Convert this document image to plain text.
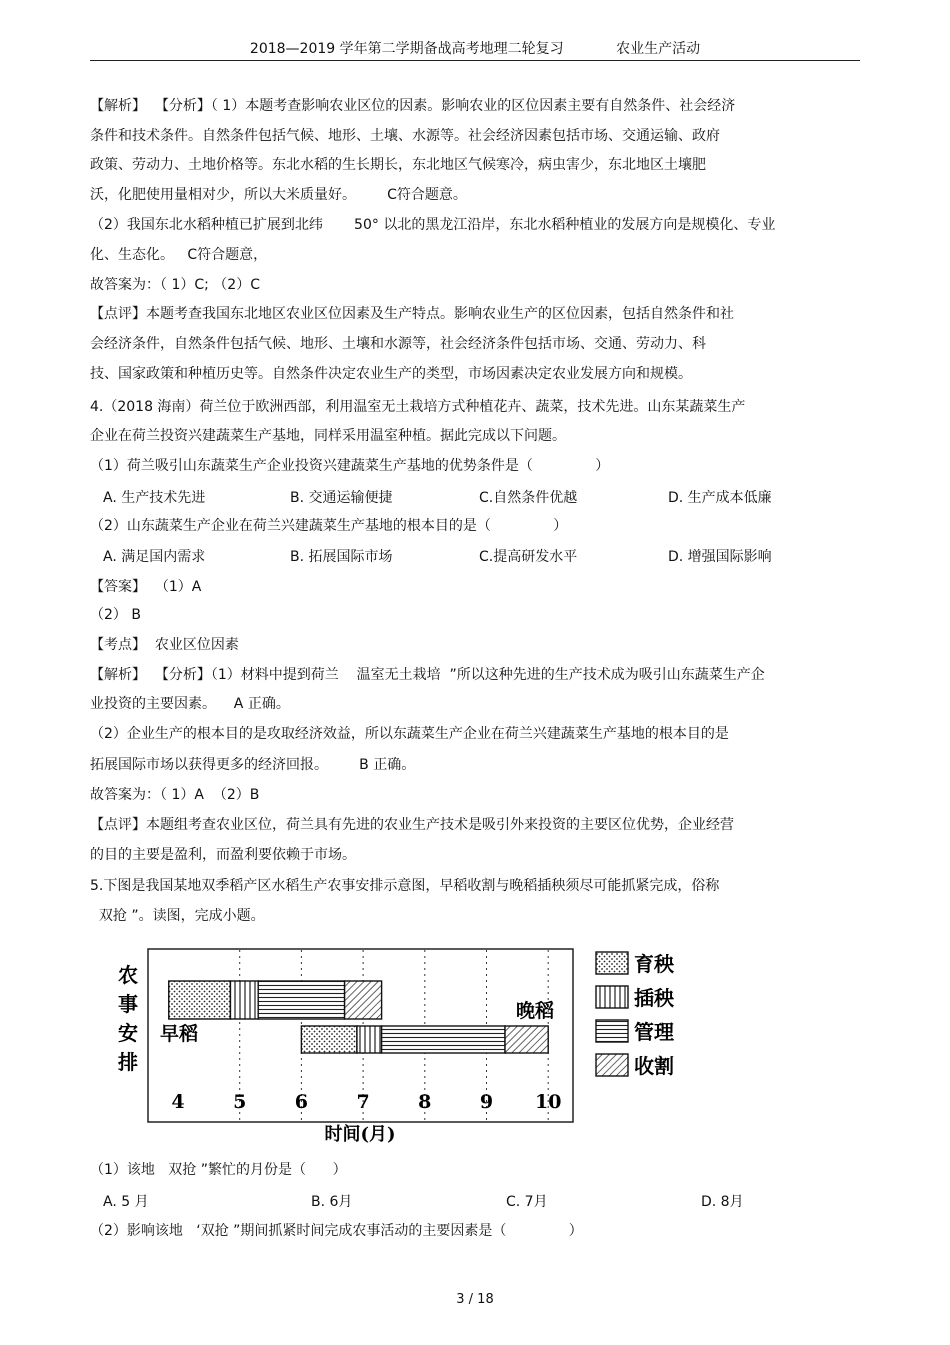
2018—2019 学年第二学期备战高考地理二轮复习	农业生产活动
【解析】  【分析】（ 1）本题考查影响农业区位的因素。影响农业的区位因素主要有自然条件、社会经济
条件和技术条件。自然条件包括气候、地形、土壤、水源等。社会经济因素包括市场、交通运输、政府
政策、劳动力、土地价格等。东北水稻的生长期长，东北地区气候寒冷，病虫害少，东北地区土壤肥
沃，化肥使用量相对少，所以大米质量好。       C符合题意。
（2）我国东北水稻种植已扩展到北纬       50° 以北的黑龙江沿岸，东北水稻种植业的发展方向是规模化、专业
化、生态化。   C符合题意，
故答案为：（ 1）C; （2）C
【点评】本题考查我国东北地区农业区位因素及生产特点。影响农业生产的区位因素，包括自然条件和社
会经济条件，自然条件包括气候、地形、土壤和水源等，社会经济条件包括市场、交通、劳动力、科
技、国家政策和种植历史等。自然条件决定农业生产的类型，市场因素决定农业发展方向和规模。
4.（2018 海南）荷兰位于欧洲西部，利用温室无土栽培方式种植花卉、蔬菜，技术先进。山东某蔬菜生产
企业在荷兰投资兴建蔬菜生产基地，同样采用温室种植。据此完成以下问题。
（1）荷兰吸引山东蔬菜生产企业投资兴建蔬菜生产基地的优势条件是（              ）
A. 生产技术先进	B. 交通运输便捷	C.自然条件优越	D. 生产成本低廉
（2）山东蔬菜生产企业在荷兰兴建蔬菜生产基地的根本目的是（              ）
A. 满足国内需求	B. 拓展国际市场	C.提高研发水平	D. 增强国际影响
【答案】  （1）A
（2） B
【考点】  农业区位因素
【解析】  【分析】（1）材料中提到荷兰    温室无土栽培  ”所以这种先进的生产技术成为吸引山东蔬菜生产企
业投资的主要因素。    A 正确。
（2）企业生产的根本目的是攻取经济效益，所以东蔬菜生产企业在荷兰兴建蔬菜生产基地的根本目的是
拓展国际市场以获得更多的经济回报。       B 正确。
故答案为：（ 1）A  （2）B
【点评】本题组考查农业区位，荷兰具有先进的农业生产技术是吸引外来投资的主要区位优势，企业经营
的目的主要是盈利，而盈利要依赖于市场。
5.下图是我国某地双季稻产区水稻生产农事安排示意图，早稻收割与晚稻插秧须尽可能抓紧完成，俗称
双抢 ”。读图，完成小题。
农
事
安
排
早稻
晚稻
4	5	6	7	8	9 10
时间(月)
育秧
插秧
管理
收割
（1）该地   双抢 ”繁忙的月份是（      ）
A. 5 月	B. 6月	C. 7月	D. 8月
（2）影响该地   ‘双抢 ”期间抓紧时间完成农事活动的主要因素是（              ）
3 / 18
